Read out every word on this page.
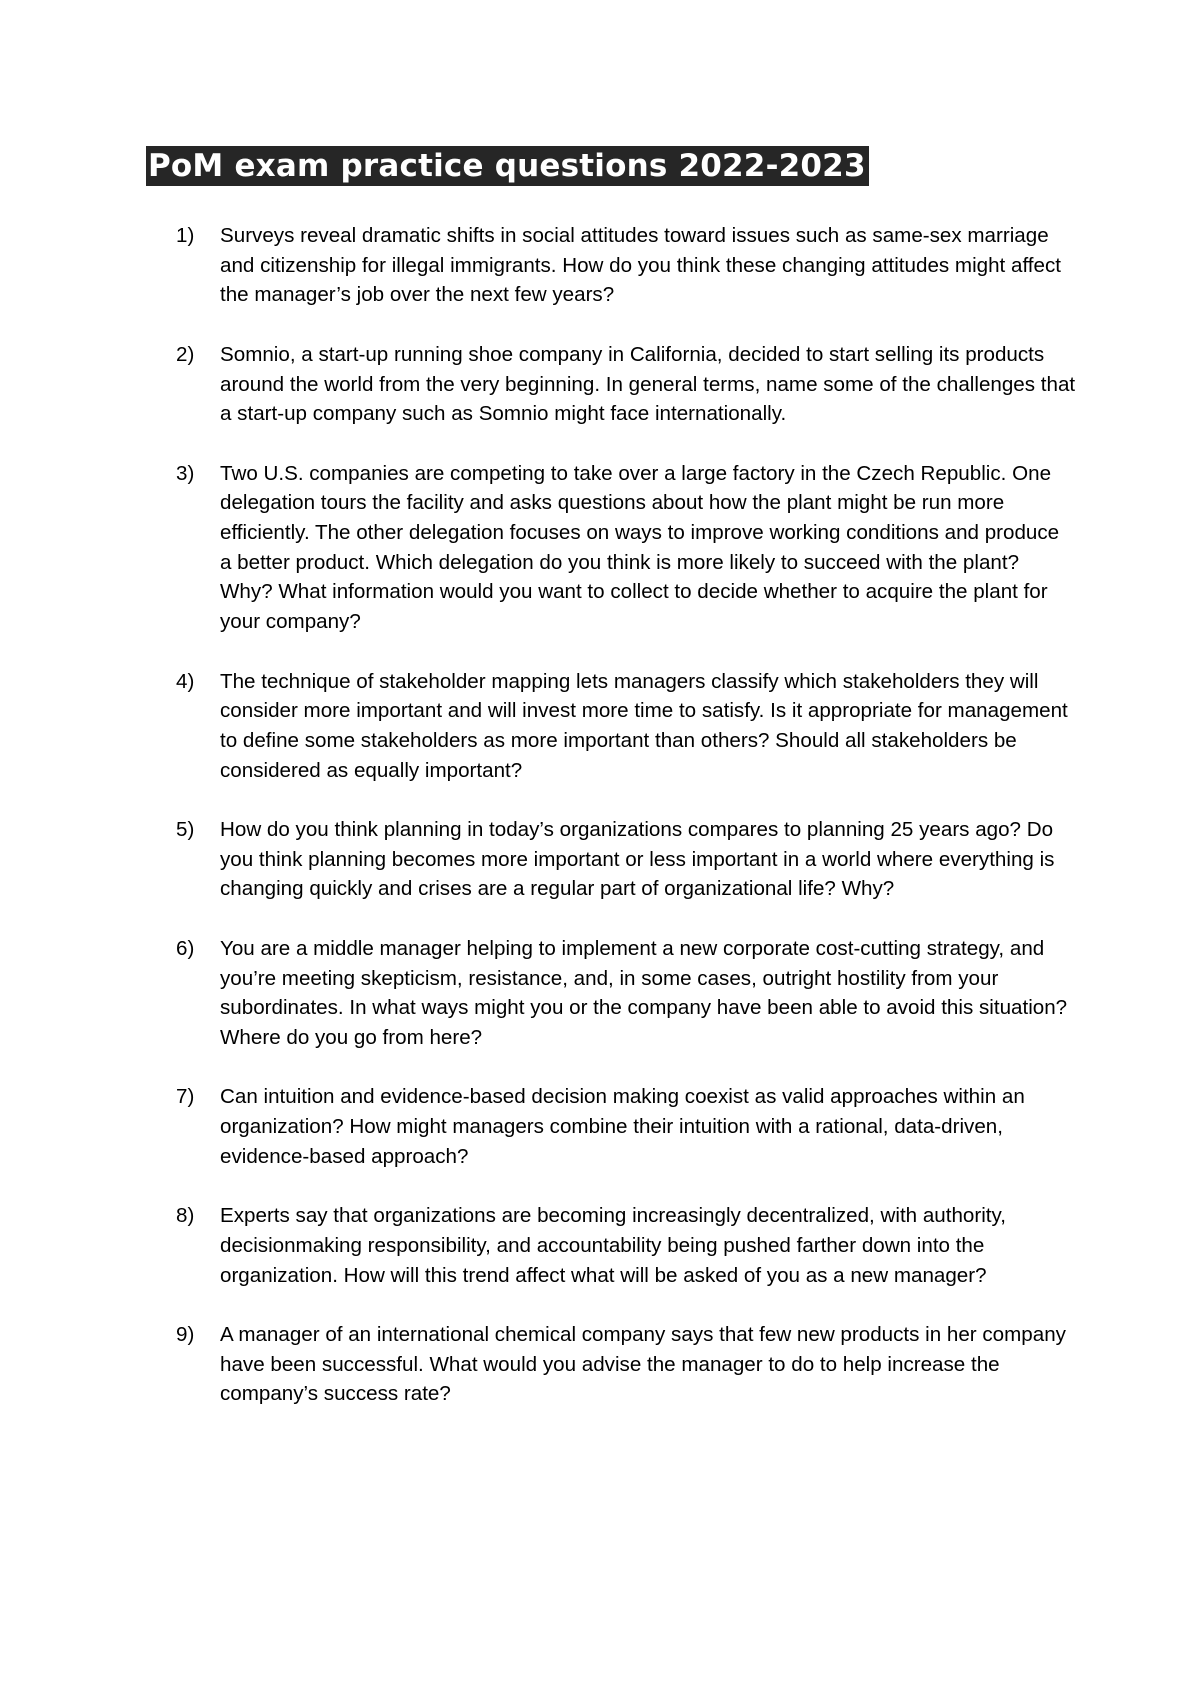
PoM exam practice questions 2022-2023
1) Surveys reveal dramatic shifts in social attitudes toward issues such as same-sex marriage and citizenship for illegal immigrants. How do you think these changing attitudes might affect the manager’s job over the next few years?
2) Somnio, a start-up running shoe company in California, decided to start selling its products around the world from the very beginning. In general terms, name some of the challenges that a start-up company such as Somnio might face internationally.
3) Two U.S. companies are competing to take over a large factory in the Czech Republic. One delegation tours the facility and asks questions about how the plant might be run more efficiently. The other delegation focuses on ways to improve working conditions and produce a better product. Which delegation do you think is more likely to succeed with the plant? Why? What information would you want to collect to decide whether to acquire the plant for your company?
4) The technique of stakeholder mapping lets managers classify which stakeholders they will consider more important and will invest more time to satisfy. Is it appropriate for management to define some stakeholders as more important than others? Should all stakeholders be considered as equally important?
5) How do you think planning in today’s organizations compares to planning 25 years ago? Do you think planning becomes more important or less important in a world where everything is changing quickly and crises are a regular part of organizational life? Why?
6) You are a middle manager helping to implement a new corporate cost-cutting strategy, and you’re meeting skepticism, resistance, and, in some cases, outright hostility from your subordinates. In what ways might you or the company have been able to avoid this situation? Where do you go from here?
7) Can intuition and evidence-based decision making coexist as valid approaches within an organization? How might managers combine their intuition with a rational, data-driven, evidence-based approach?
8) Experts say that organizations are becoming increasingly decentralized, with authority, decisionmaking responsibility, and accountability being pushed farther down into the organization. How will this trend affect what will be asked of you as a new manager?
9) A manager of an international chemical company says that few new products in her company have been successful. What would you advise the manager to do to help increase the company’s success rate?
